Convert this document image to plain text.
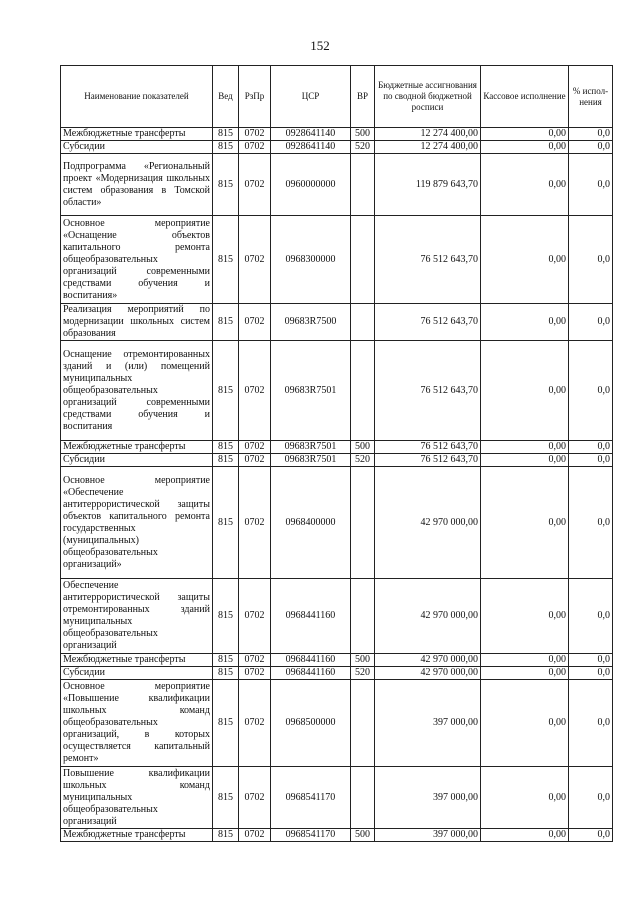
152
Наименование показателей	Вед	РзПр	ЦСР	ВР	Бюджетные ассигнования по сводной бюджетной росписи	Кассовое исполнение	% испол-нения
Межбюджетные трансферты	815	0702	0928641140	500	12 274 400,00	0,00	0,0
Субсидии	815	0702	0928641140	520	12 274 400,00	0,00	0,0
Подпрограмма «Региональный проект «Модернизация школьных систем образования в Томской области»	815	0702	0960000000		119 879 643,70	0,00	0,0
Основное мероприятие «Оснащение объектов капитального ремонта общеобразовательных организаций современными средствами обучения и воспитания»	815	0702	0968300000		76 512 643,70	0,00	0,0
Реализация мероприятий по модернизации школьных систем образования	815	0702	09683R7500		76 512 643,70	0,00	0,0
Оснащение отремонтированных зданий и (или) помещений муниципальных общеобразовательных организаций современными средствами обучения и воспитания	815	0702	09683R7501		76 512 643,70	0,00	0,0
Межбюджетные трансферты	815	0702	09683R7501	500	76 512 643,70	0,00	0,0
Субсидии	815	0702	09683R7501	520	76 512 643,70	0,00	0,0
Основное мероприятие «Обеспечение антитеррористической защиты объектов капитального ремонта государственных (муниципальных) общеобразовательных организаций»	815	0702	0968400000		42 970 000,00	0,00	0,0
Обеспечение антитеррористической защиты отремонтированных зданий муниципальных общеобразовательных организаций	815	0702	0968441160		42 970 000,00	0,00	0,0
Межбюджетные трансферты	815	0702	0968441160	500	42 970 000,00	0,00	0,0
Субсидии	815	0702	0968441160	520	42 970 000,00	0,00	0,0
Основное мероприятие «Повышение квалификации школьных команд общеобразовательных организаций, в которых осуществляется капитальный ремонт»	815	0702	0968500000		397 000,00	0,00	0,0
Повышение квалификации школьных команд муниципальных общеобразовательных организаций	815	0702	0968541170		397 000,00	0,00	0,0
Межбюджетные трансферты	815	0702	0968541170	500	397 000,00	0,00	0,0
